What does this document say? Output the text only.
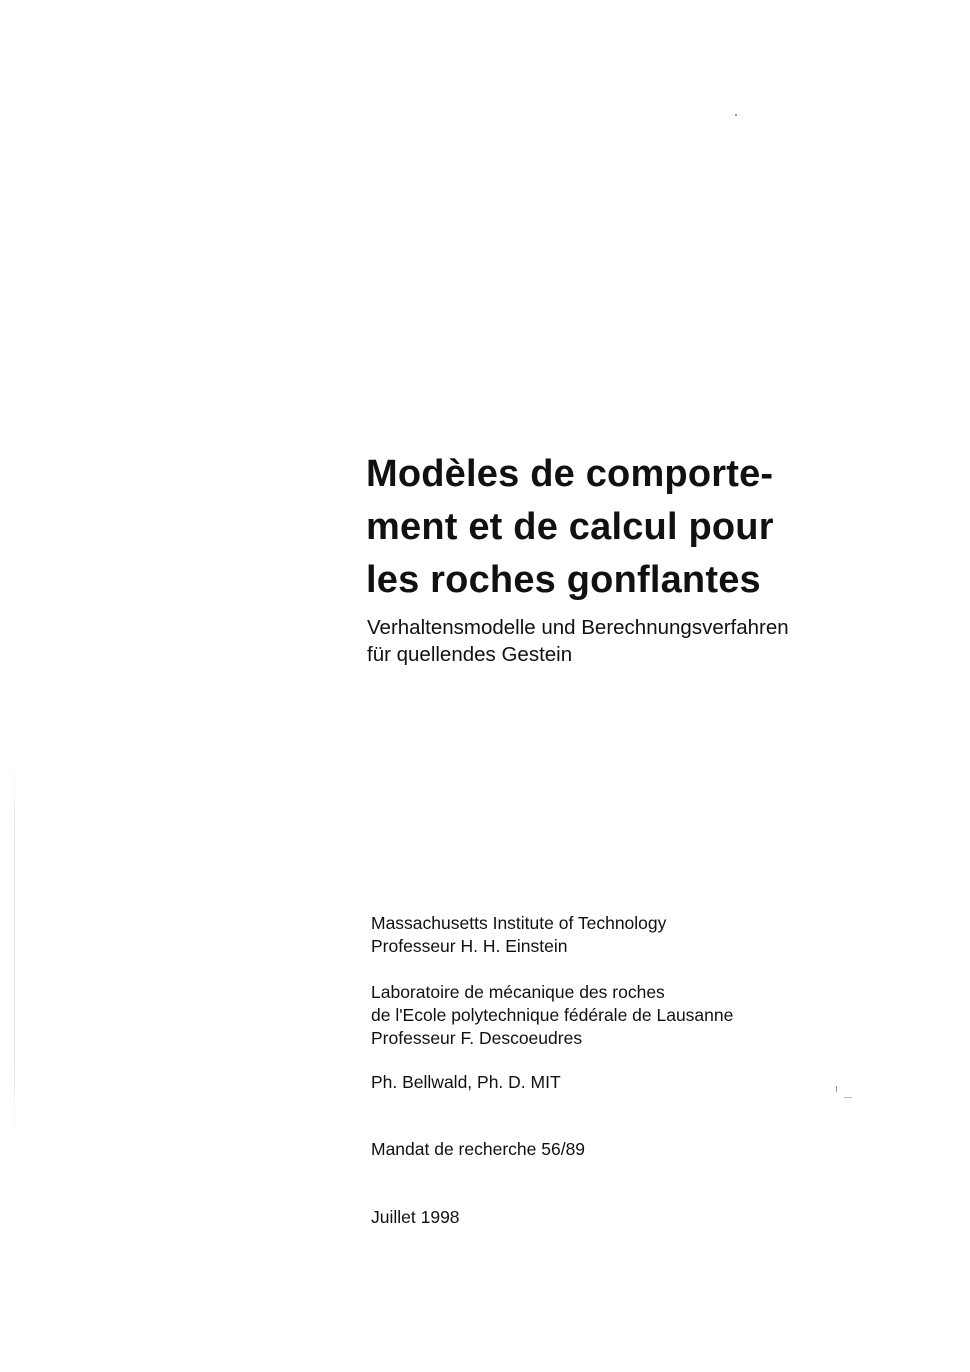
Modèles de comporte-
ment et de calcul pour
les roches gonflantes
Verhaltensmodelle und Berechnungsverfahren
für quellendes Gestein
Massachusetts Institute of Technology
Professeur H. H. Einstein
Laboratoire de mécanique des roches
de l'Ecole polytechnique fédérale de Lausanne
Professeur F. Descoeudres
Ph. Bellwald, Ph. D. MIT
Mandat de recherche 56/89
Juillet 1998
